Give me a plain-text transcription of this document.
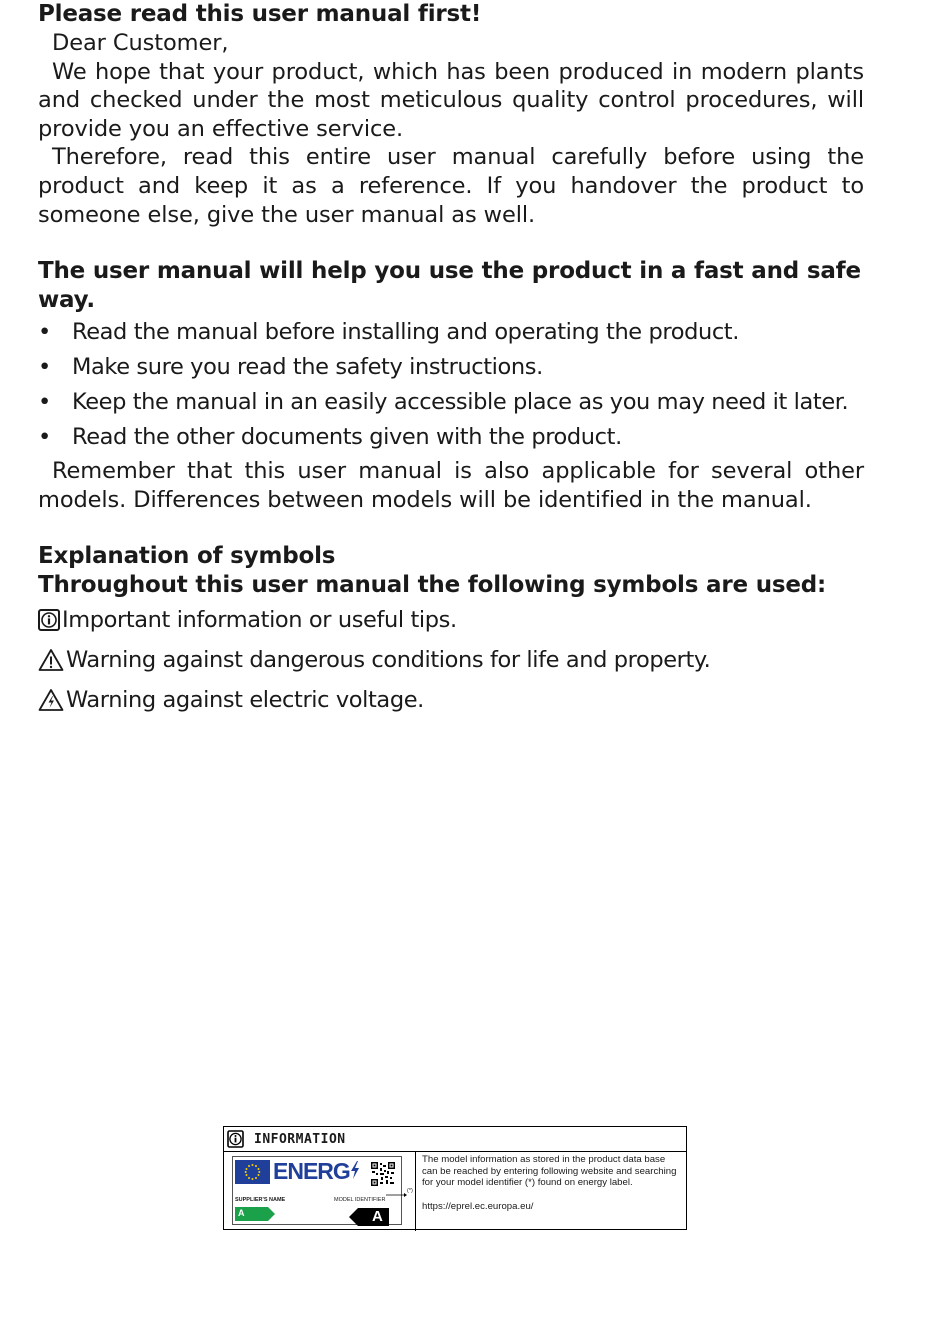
Please read this user manual first!

Dear Customer,

We hope that your product, which has been produced in modern plants and checked under the most meticulous quality control procedures, will provide you an effective service.

Therefore, read this entire user manual carefully before using the product and keep it as a reference. If you handover the product to someone else, give the user manual as well.

The user manual will help you use the product in a fast and safe way.

• Read the manual before installing and operating the product.
• Make sure you read the safety instructions.
• Keep the manual in an easily accessible place as you may need it later.
• Read the other documents given with the product.

Remember that this user manual is also applicable for several other models. Differences between models will be identified in the manual.

Explanation of symbols

Throughout this user manual the following symbols are used:

Important information or useful tips.
Warning against dangerous conditions for life and property.
Warning against electric voltage.
INFORMATION
ENERG
SUPPLIER'S NAME	MODEL IDENTIFIER
A	A
(*)
The model information as stored in the product data base can be reached by entering following website and searching for your model identifier (*) found on energy label.
https://eprel.ec.europa.eu/
